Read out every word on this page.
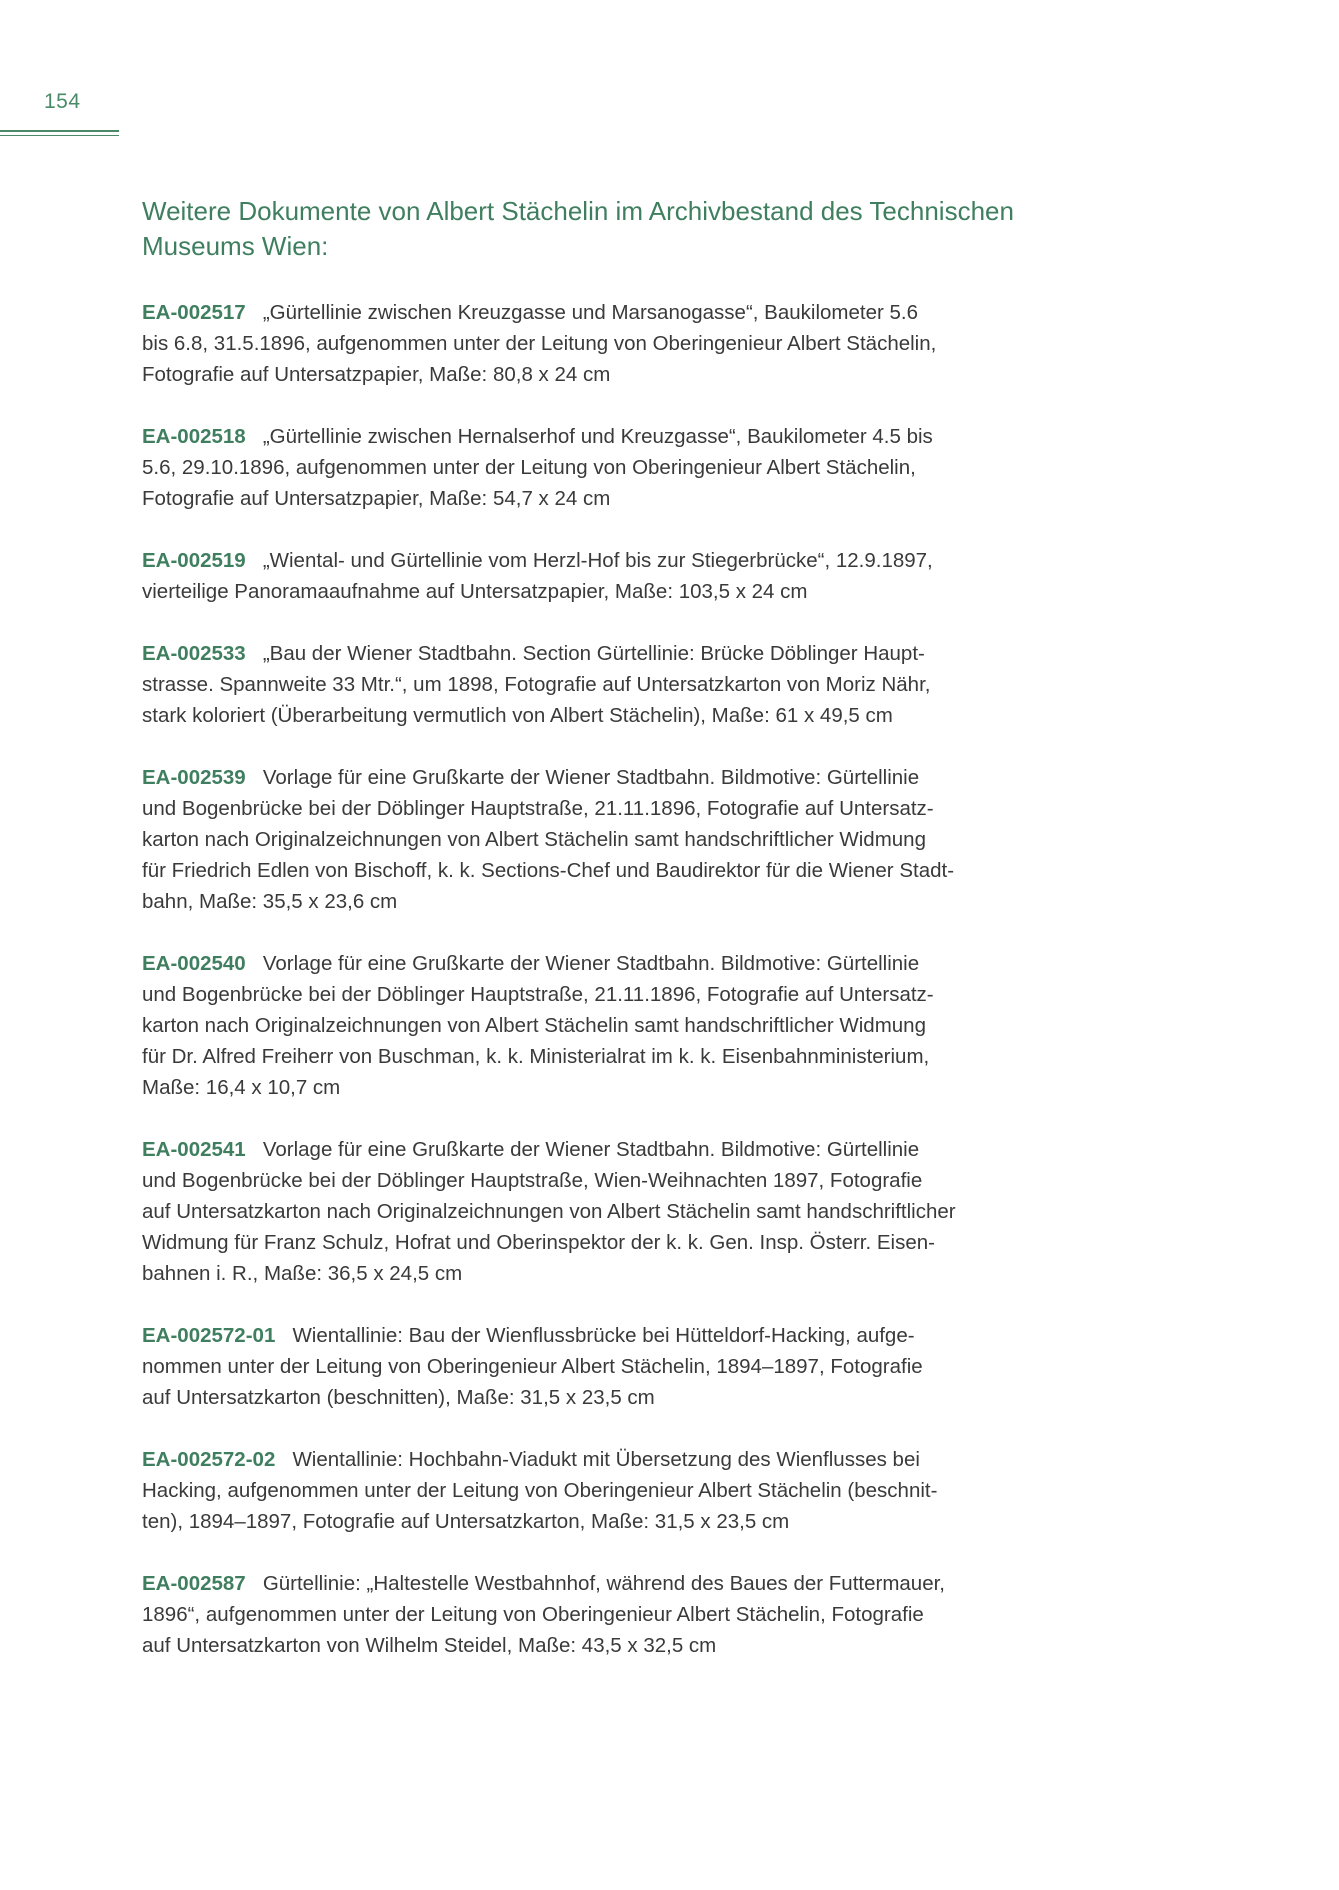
154
Weitere Dokumente von Albert Stächelin im Archivbestand des Technischen Museums Wien:

EA-002517 „Gürtellinie zwischen Kreuzgasse und Marsanogasse“, Baukilometer 5.6
bis 6.8, 31.5.1896, aufgenommen unter der Leitung von Oberingenieur Albert Stächelin,
Fotografie auf Untersatzpapier, Maße: 80,8 x 24 cm

EA-002518 „Gürtellinie zwischen Hernalserhof und Kreuzgasse“, Baukilometer 4.5 bis
5.6, 29.10.1896, aufgenommen unter der Leitung von Oberingenieur Albert Stächelin,
Fotografie auf Untersatzpapier, Maße: 54,7 x 24 cm

EA-002519 „Wiental- und Gürtellinie vom Herzl-Hof bis zur Stiegerbrücke“, 12.9.1897,
vierteilige Panoramaaufnahme auf Untersatzpapier, Maße: 103,5 x 24 cm

EA-002533 „Bau der Wiener Stadtbahn. Section Gürtellinie: Brücke Döblinger Haupt-
strasse. Spannweite 33 Mtr.“, um 1898, Fotografie auf Untersatzkarton von Moriz Nähr,
stark koloriert (Überarbeitung vermutlich von Albert Stächelin), Maße: 61 x 49,5 cm

EA-002539 Vorlage für eine Grußkarte der Wiener Stadtbahn. Bildmotive: Gürtellinie
und Bogenbrücke bei der Döblinger Hauptstraße, 21.11.1896, Fotografie auf Untersatz-
karton nach Originalzeichnungen von Albert Stächelin samt handschriftlicher Widmung
für Friedrich Edlen von Bischoff, k. k. Sections-Chef und Baudirektor für die Wiener Stadt-
bahn, Maße: 35,5 x 23,6 cm

EA-002540 Vorlage für eine Grußkarte der Wiener Stadtbahn. Bildmotive: Gürtellinie
und Bogenbrücke bei der Döblinger Hauptstraße, 21.11.1896, Fotografie auf Untersatz-
karton nach Originalzeichnungen von Albert Stächelin samt handschriftlicher Widmung
für Dr. Alfred Freiherr von Buschman, k. k. Ministerialrat im k. k. Eisenbahnministerium,
Maße: 16,4 x 10,7 cm

EA-002541 Vorlage für eine Grußkarte der Wiener Stadtbahn. Bildmotive: Gürtellinie
und Bogenbrücke bei der Döblinger Hauptstraße, Wien-Weihnachten 1897, Fotografie
auf Untersatzkarton nach Originalzeichnungen von Albert Stächelin samt handschriftlicher
Widmung für Franz Schulz, Hofrat und Oberinspektor der k. k. Gen. Insp. Österr. Eisen-
bahnen i. R., Maße: 36,5 x 24,5 cm

EA-002572-01 Wientallinie: Bau der Wienflussbrücke bei Hütteldorf-Hacking, aufge-
nommen unter der Leitung von Oberingenieur Albert Stächelin, 1894–1897, Fotografie
auf Untersatzkarton (beschnitten), Maße: 31,5 x 23,5 cm

EA-002572-02 Wientallinie: Hochbahn-Viadukt mit Übersetzung des Wienflusses bei
Hacking, aufgenommen unter der Leitung von Oberingenieur Albert Stächelin (beschnit-
ten), 1894–1897, Fotografie auf Untersatzkarton, Maße: 31,5 x 23,5 cm

EA-002587 Gürtellinie: „Haltestelle Westbahnhof, während des Baues der Futtermauer,
1896“, aufgenommen unter der Leitung von Oberingenieur Albert Stächelin, Fotografie
auf Untersatzkarton von Wilhelm Steidel, Maße: 43,5 x 32,5 cm
